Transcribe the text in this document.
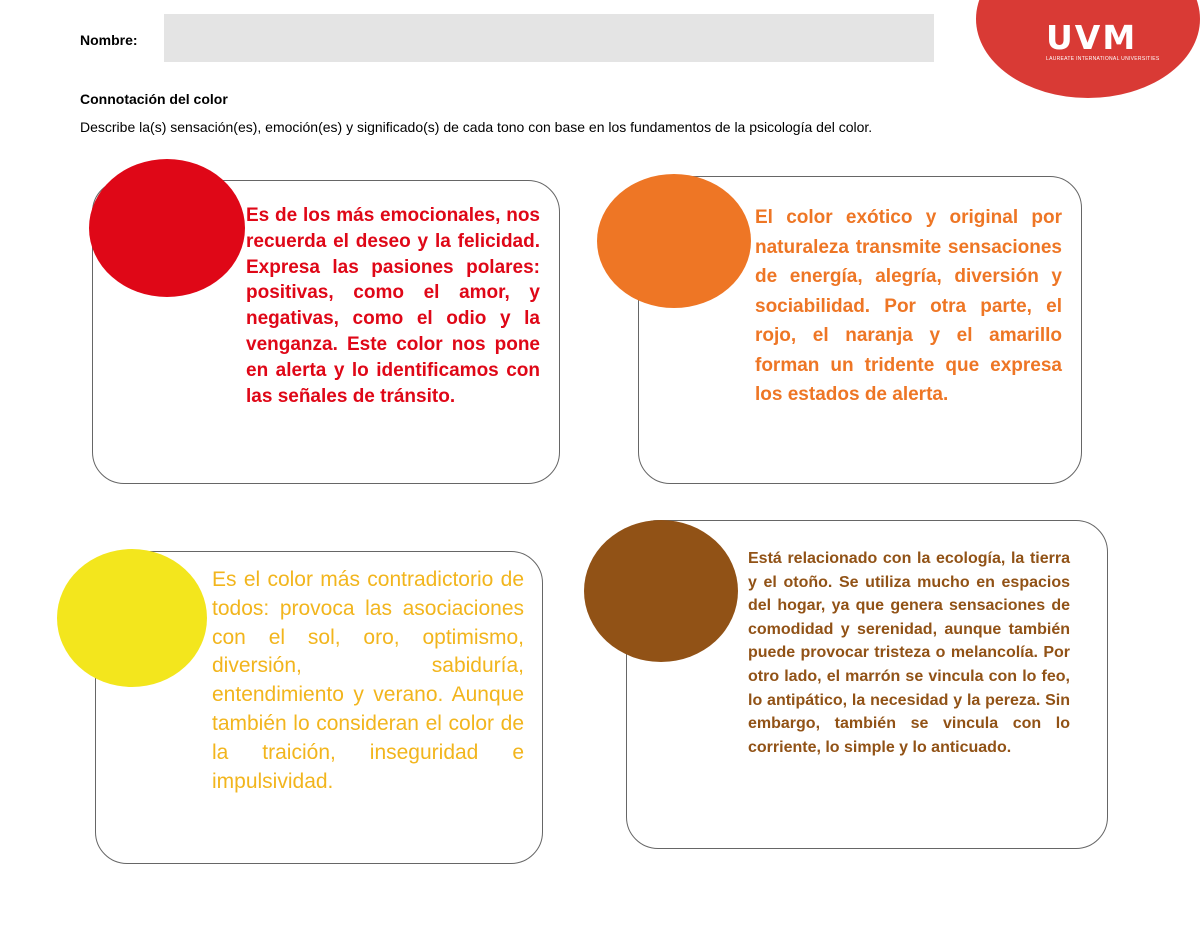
Nombre:	UVM
LAUREATE INTERNATIONAL UNIVERSITIES
Connotación del color
Describe la(s) sensación(es), emoción(es) y significado(s) de cada tono con base en los fundamentos de la psicología del color.
Es de los más emocionales, nos recuerda el deseo y la felicidad. Expresa las pasiones polares: positivas, como el amor, y negativas, como el odio y la venganza. Este color nos pone en alerta y lo identificamos con las señales de tránsito.
El color exótico y original por naturaleza transmite sensaciones de energía, alegría, diversión y sociabilidad. Por otra parte, el rojo, el naranja y el amarillo forman un tridente que expresa los estados de alerta.
Es el color más contradictorio de todos: provoca las asociaciones con el sol, oro, optimismo, diversión, sabiduría, entendimiento y verano. Aunque también lo consideran el color de la traición, inseguridad e impulsividad.
Está relacionado con la ecología, la tierra y el otoño. Se utiliza mucho en espacios del hogar, ya que genera sensaciones de comodidad y serenidad, aunque también puede provocar tristeza o melancolía. Por otro lado, el marrón se vincula con lo feo, lo antipático, la necesidad y la pereza. Sin embargo, también se vincula con lo corriente, lo simple y lo anticuado.
